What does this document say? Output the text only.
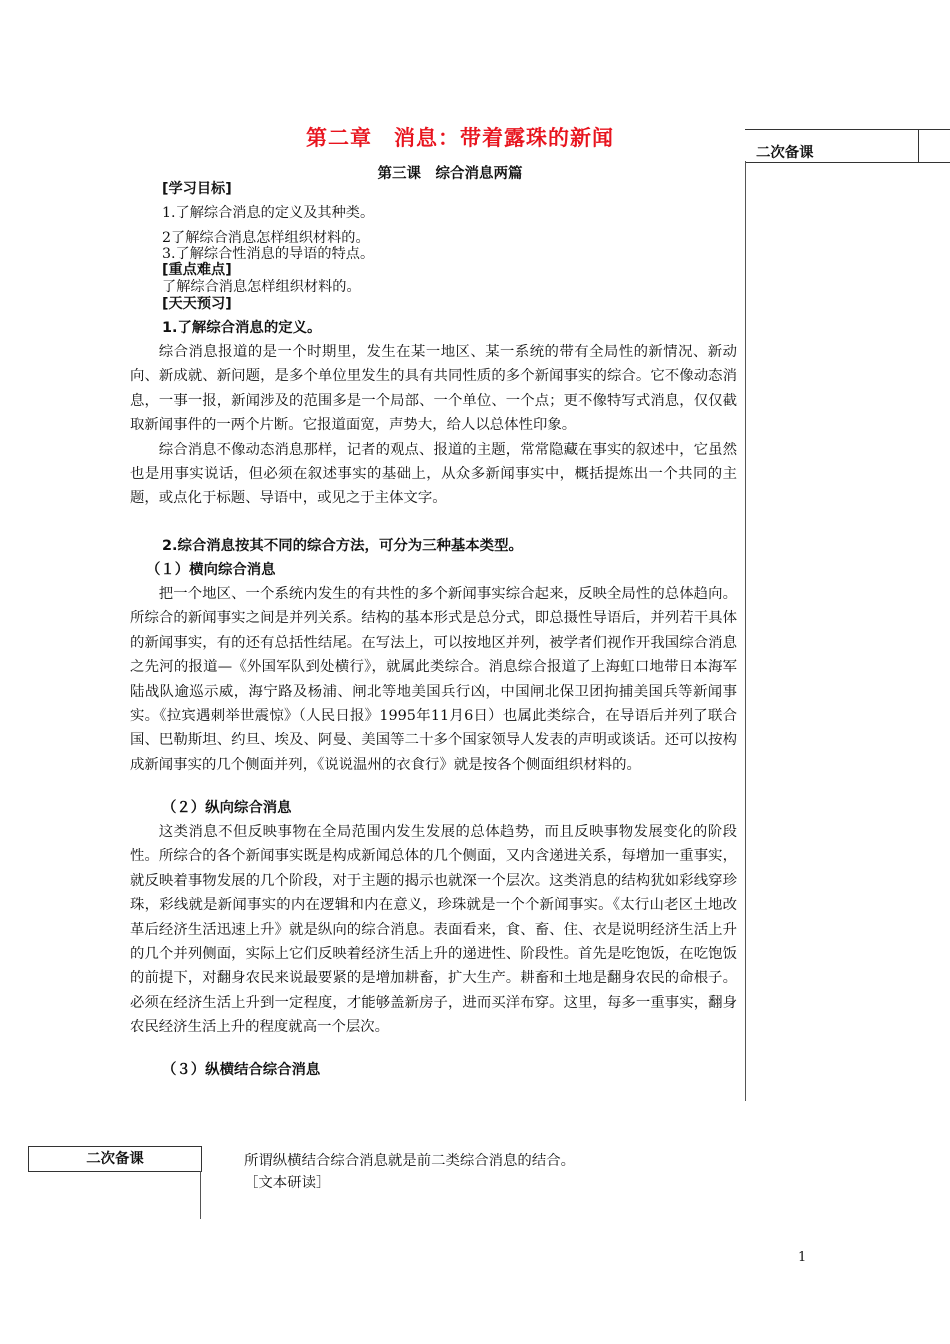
第二章　消息：带着露珠的新闻
第三课　综合消息两篇
二次备课
[学习目标]
1.了解综合消息的定义及其种类。
2了解综合消息怎样组织材料的。
3.了解综合性消息的导语的特点。
[重点难点]
了解综合消息怎样组织材料的。
[天天预习]
1.了解综合消息的定义。

综合消息报道的是一个时期里，发生在某一地区、某一系统的带有全局性的新情况、新动向、新成就、新问题，是多个单位里发生的具有共同性质的多个新闻事实的综合。它不像动态消息，一事一报，新闻涉及的范围多是一个局部、一个单位、一个点；更不像特写式消息，仅仅截取新闻事件的一两个片断。它报道面宽，声势大，给人以总体性印象。

综合消息不像动态消息那样，记者的观点、报道的主题，常常隐藏在事实的叙述中，它虽然也是用事实说话，但必须在叙述事实的基础上，从众多新闻事实中，概括提炼出一个共同的主题，或点化于标题、导语中，或见之于主体文字。

2.综合消息按其不同的综合方法，可分为三种基本类型。
（１）横向综合消息

把一个地区、一个系统内发生的有共性的多个新闻事实综合起来，反映全局性的总体趋向。所综合的新闻事实之间是并列关系。结构的基本形式是总分式，即总摄性导语后，并列若干具体的新闻事实，有的还有总括性结尾。在写法上，可以按地区并列，被学者们视作开我国综合消息之先河的报道—《外国军队到处横行》，就属此类综合。消息综合报道了上海虹口地带日本海军陆战队逾巡示威，海宁路及杨浦、闸北等地美国兵行凶，中国闸北保卫团拘捕美国兵等新闻事实。《拉宾遇刺举世震惊》（人民日报》1995年11月6日）也属此类综合，在导语后并列了联合国、巴勒斯坦、约旦、埃及、阿曼、美国等二十多个国家领导人发表的声明或谈话。还可以按构成新闻事实的几个侧面并列，《说说温州的衣食行》就是按各个侧面组织材料的。

（２）纵向综合消息

这类消息不但反映事物在全局范围内发生发展的总体趋势，而且反映事物发展变化的阶段性。所综合的各个新闻事实既是构成新闻总体的几个侧面，又内含递进关系，每增加一重事实，就反映着事物发展的几个阶段，对于主题的揭示也就深一个层次。这类消息的结构犹如彩线穿珍珠，彩线就是新闻事实的内在逻辑和内在意义，珍珠就是一个个新闻事实。《太行山老区土地改革后经济生活迅速上升》就是纵向的综合消息。表面看来，食、畜、住、衣是说明经济生活上升的几个并列侧面，实际上它们反映着经济生活上升的递进性、阶段性。首先是吃饱饭，在吃饱饭的前提下，对翻身农民来说最要紧的是增加耕畜，扩大生产。耕畜和土地是翻身农民的命根子。必须在经济生活上升到一定程度，才能够盖新房子，进而买洋布穿。这里，每多一重事实，翻身农民经济生活上升的程度就高一个层次。

（３）纵横结合综合消息
二次备课	所谓纵横结合综合消息就是前二类综合消息的结合。
［文本研读］
1
